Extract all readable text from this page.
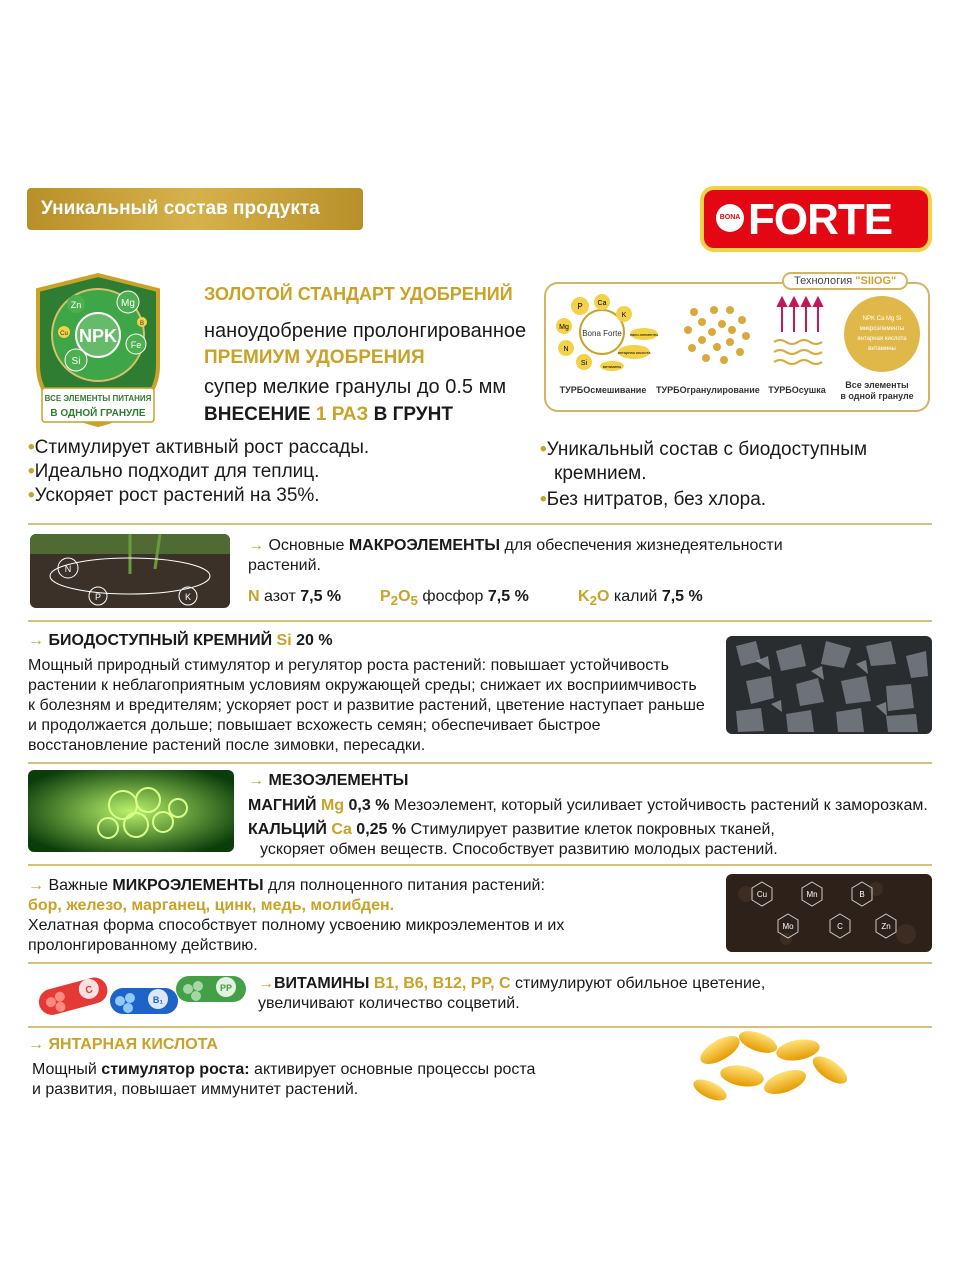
Уникальный состав продукта	BONA FORTE
NPK
Mg
Zn
Fe
Si
Cu
B
ВСЕ ЭЛЕМЕНТЫ ПИТАНИЯ
В ОДНОЙ ГРАНУЛЕ
ЗОЛОТОЙ СТАНДАРТ УДОБРЕНИЙ
наноудобрение пролонгированное
ПРЕМИУМ УДОБРЕНИЯ
супер мелкие гранулы до 0.5 мм
ВНЕСЕНИЕ 1 РАЗ В ГРУНТ
Технология "SIIOG"
Bona Forte
P Ca
K
Mg
N
Si
нано-элементы
янтарная кислота
витамины
NPK Ca Mg Si
микроэлементы
янтарная кислота
витамины
ТУРБОсмешивание ТУРБОгранулирование ТУРБОсушка	Все элементы
в одной грануле
•Стимулирует активный рост рассады.
•Идеально подходит для теплиц.
•Ускоряет рост растений на 35%.
•Уникальный состав с биодоступным
кремнием.
•Без нитратов, без хлора.
N
P	K
→ Основные МАКРОЭЛЕМЕНТЫ для обеспечения жизнедеятельности
растений.
N азот 7,5 % $P_2O_5$ фосфор 7,5 %	$K_2O$ калий 7,5 %
→ БИОДОСТУПНЫЙ КРЕМНИЙ Si 20 %
Мощный природный стимулятор и регулятор роста растений: повышает устойчивость
растении к неблагоприятным условиям окружающей среды; снижает их восприимчивость
к болезням и вредителям; ускоряет рост и развитие растений, цветение наступает раньше
и продолжается дольше; повышает всхожесть семян; обеспечивает быстрое
восстановление растений после зимовки, пересадки.
→ МЕЗОЭЛЕМЕНТЫ
МАГНИЙ Mg 0,3 % Мезоэлемент, который усиливает устойчивость растений к заморозкам.
КАЛЬЦИЙ Ca 0,25 % Стимулирует развитие клеток покровных тканей,
ускоряет обмен веществ. Способствует развитию молодых растений.
→ Важные МИКРОЭЛЕМЕНТЫ для полноценного питания растений:
бор, железо, марганец, цинк, медь, молибден.
Хелатная форма способствует полному усвоению микроэлементов и их
пролонгированному действию.
Cu	Mn	B
Mo	C	Zn
C
B₁
PP
VITAMIN
→ВИТАМИНЫ B1, B6, B12, PP, C стимулируют обильное цветение,
увеличивают количество соцветий.
→ ЯНТАРНАЯ КИСЛОТА
Мощный стимулятор роста: активирует основные процессы роста
и развития, повышает иммунитет растений.
